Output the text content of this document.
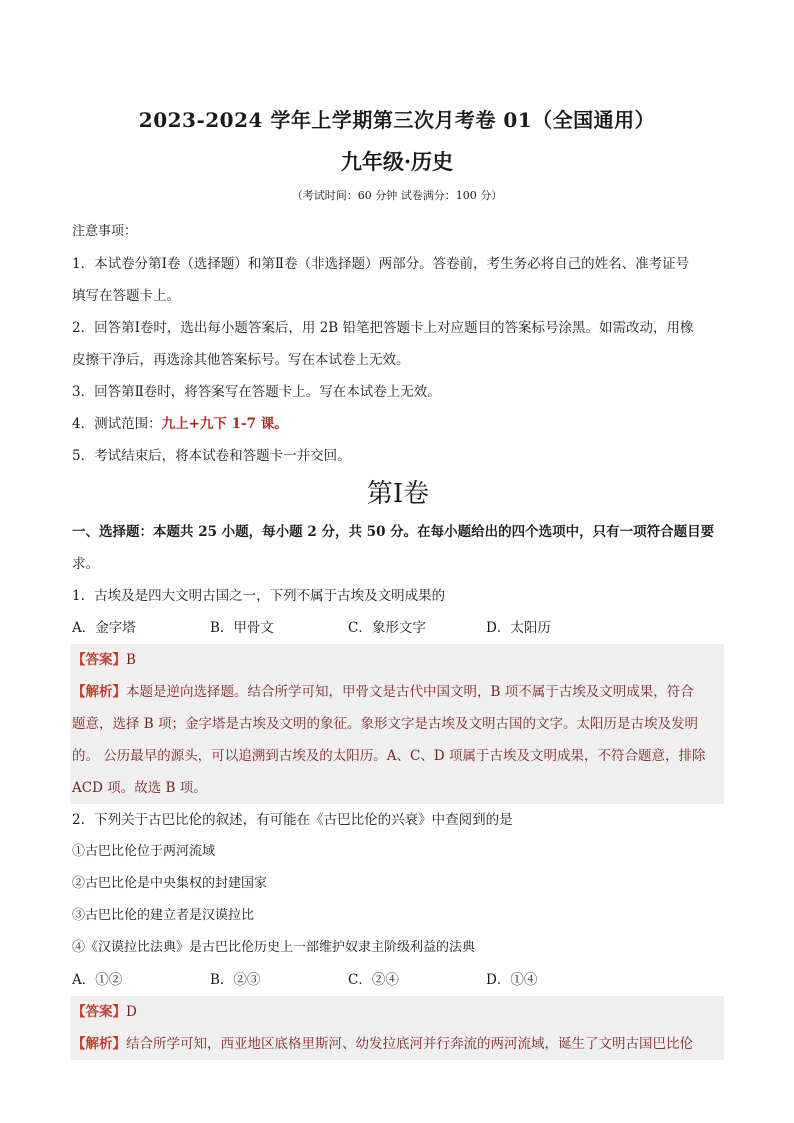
2023-2024 学年上学期第三次月考卷 01（全国通用）
九年级·历史
（考试时间：60 分钟 试卷满分：100 分）
注意事项：
1．本试卷分第Ⅰ卷（选择题）和第Ⅱ卷（非选择题）两部分。答卷前，考生务必将自己的姓名、准考证号
填写在答题卡上。
2．回答第Ⅰ卷时，选出每小题答案后，用 2B 铅笔把答题卡上对应题目的答案标号涂黑。如需改动，用橡
皮擦干净后，再选涂其他答案标号。写在本试卷上无效。
3．回答第Ⅱ卷时，将答案写在答题卡上。写在本试卷上无效。
4．测试范围：九上+九下 1-7 课。
5．考试结束后，将本试卷和答题卡一并交回。
第Ⅰ卷
一、选择题：本题共 25 小题，每小题 2 分，共 50 分。在每小题给出的四个选项中，只有一项符合题目要
求。
1．古埃及是四大文明古国之一，下列不属于古埃及文明成果的
A．金字塔	B．甲骨文	C．象形文字	D．太阳历
【答案】B
【解析】本题是逆向选择题。结合所学可知，甲骨文是古代中国文明，B 项不属于古埃及文明成果，符合
题意，选择 B 项；金字塔是古埃及文明的象征。象形文字是古埃及文明古国的文字。太阳历是古埃及发明
的。 公历最早的源头，可以追溯到古埃及的太阳历。A、C、D 项属于古埃及文明成果，不符合题意，排除
ACD 项。故选 B 项。
2．下列关于古巴比伦的叙述，有可能在《古巴比伦的兴衰》中查阅到的是
①古巴比伦位于两河流域
②古巴比伦是中央集权的封建国家
③古巴比伦的建立者是汉谟拉比
④《汉谟拉比法典》是古巴比伦历史上一部维护奴隶主阶级利益的法典
A．①②	B．②③	C．②④	D．①④
【答案】D
【解析】结合所学可知，西亚地区底格里斯河、幼发拉底河并行奔流的两河流域，诞生了文明古国巴比伦
